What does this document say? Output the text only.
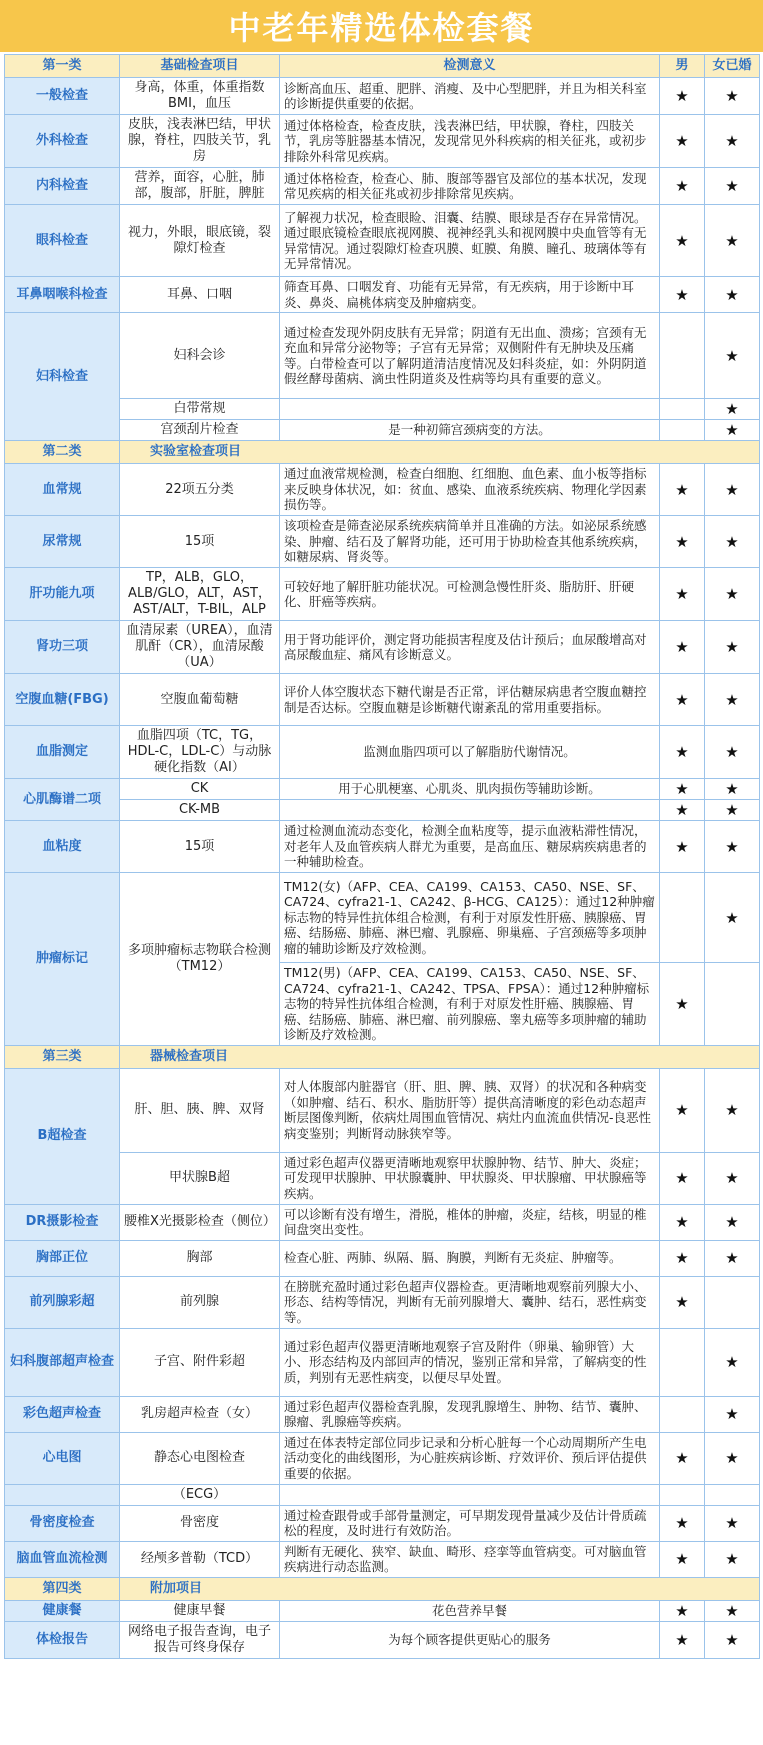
中老年精选体检套餐
第一类	基础检查项目	检测意义	男	女已婚
一般检查	身高，体重，体重指数BMI，血压	诊断高血压、超重、肥胖、消瘦、及中心型肥胖，并且为相关科室的诊断提供重要的依据。	★	★
外科检查	皮肤，浅表淋巴结，甲状腺，脊柱，四肢关节，乳房	通过体格检查，检查皮肤，浅表淋巴结，甲状腺，脊柱，四肢关节，乳房等脏器基本情况，发现常见外科疾病的相关征兆，或初步排除外科常见疾病。	★	★
内科检查	营养，面容，心脏，肺部，腹部，肝脏，脾脏	通过体格检查，检查心、肺、腹部等器官及部位的基本状况，发现常见疾病的相关征兆或初步排除常见疾病。	★	★
眼科检查	视力，外眼，眼底镜，裂隙灯检查	了解视力状况，检查眼睑、泪囊、结膜、眼球是否存在异常情况。通过眼底镜检查眼底视网膜、视神经乳头和视网膜中央血管等有无异常情况。通过裂隙灯检查巩膜、虹膜、角膜、瞳孔、玻璃体等有无异常情况。	★	★
耳鼻咽喉科检查	耳鼻、口咽	筛查耳鼻、口咽发育、功能有无异常，有无疾病，用于诊断中耳炎、鼻炎、扁桃体病变及肿瘤病变。	★	★
妇科检查	妇科会诊	通过检查发现外阴皮肤有无异常；阴道有无出血、溃疡；宫颈有无充血和异常分泌物等；子宫有无异常；双侧附件有无肿块及压痛等。白带检查可以了解阴道清洁度情况及妇科炎症，如：外阴阴道假丝酵母菌病、滴虫性阴道炎及性病等均具有重要的意义。		★
	白带常规			★
	宫颈刮片检查	是一种初筛宫颈病变的方法。		★
第二类	实验室检查项目			
血常规	22项五分类	通过血液常规检测，检查白细胞、红细胞、血色素、血小板等指标来反映身体状况，如：贫血、感染、血液系统疾病、物理化学因素损伤等。	★	★
尿常规	15项	该项检查是筛查泌尿系统疾病简单并且准确的方法。如泌尿系统感染、肿瘤、结石及了解肾功能，还可用于协助检查其他系统疾病，如糖尿病、肾炎等。	★	★
肝功能九项	TP，ALB，GLO，ALB/GLO，ALT，AST，AST/ALT，T-BIL，ALP	可较好地了解肝脏功能状况。可检测急慢性肝炎、脂肪肝、肝硬化、肝癌等疾病。	★	★
肾功三项	血清尿素（UREA），血清肌酐（CR），血清尿酸（UA）	用于肾功能评价，测定肾功能损害程度及估计预后；血尿酸增高对高尿酸血症、痛风有诊断意义。	★	★
空腹血糖(FBG)	空腹血葡萄糖	评价人体空腹状态下糖代谢是否正常，评估糖尿病患者空腹血糖控制是否达标。空腹血糖是诊断糖代谢紊乱的常用重要指标。	★	★
血脂测定	血脂四项（TC，TG，HDL-C，LDL-C）与动脉硬化指数（AI）	监测血脂四项可以了解脂肪代谢情况。	★	★
心肌酶谱二项	CK	用于心肌梗塞、心肌炎、肌肉损伤等辅助诊断。	★	★
	CK-MB		★	★
血粘度	15项	通过检测血流动态变化，检测全血粘度等，提示血液粘滞性情况，对老年人及血管疾病人群尤为重要，是高血压、糖尿病疾病患者的一种辅助检查。	★	★
肿瘤标记	多项肿瘤标志物联合检测（TM12）	TM12(女)（AFP、CEA、CA199、CA153、CA50、NSE、SF、CA724、cyfra21-1、CA242、β-HCG、CA125）：通过12种肿瘤标志物的特异性抗体组合检测，有利于对原发性肝癌、胰腺癌、胃癌、结肠癌、肺癌、淋巴瘤、乳腺癌、卵巢癌、子宫颈癌等多项肿瘤的辅助诊断及疗效检测。		★
		TM12(男)（AFP、CEA、CA199、CA153、CA50、NSE、SF、CA724、cyfra21-1、CA242、TPSA、FPSA）：通过12种肿瘤标志物的特异性抗体组合检测，有利于对原发性肝癌、胰腺癌、胃癌、结肠癌、肺癌、淋巴瘤、前列腺癌、睾丸癌等多项肿瘤的辅助诊断及疗效检测。	★	
第三类	器械检查项目			
B超检查	肝、胆、胰、脾、双肾	对人体腹部内脏器官（肝、胆、脾、胰、双肾）的状况和各种病变（如肿瘤、结石、积水、脂肪肝等）提供高清晰度的彩色动态超声断层图像判断，依病灶周围血管情况、病灶内血流血供情况-良恶性病变鉴别；判断肾动脉狭窄等。	★	★
	甲状腺B超	通过彩色超声仪器更清晰地观察甲状腺肿物、结节、肿大、炎症；可发现甲状腺肿、甲状腺囊肿、甲状腺炎、甲状腺瘤、甲状腺癌等疾病。	★	★
DR摄影检查	腰椎X光摄影检查（侧位）	可以诊断有没有增生，滑脱，椎体的肿瘤，炎症，结核，明显的椎间盘突出变性。	★	★
胸部正位	胸部	检查心脏、两肺、纵隔、膈、胸膜，判断有无炎症、肿瘤等。	★	★
前列腺彩超	前列腺	在膀胱充盈时通过彩色超声仪器检查。更清晰地观察前列腺大小、形态、结构等情况，判断有无前列腺增大、囊肿、结石，恶性病变等。	★	
妇科腹部超声检查	子宫、附件彩超	通过彩色超声仪器更清晰地观察子宫及附件（卵巢、输卵管）大小、形态结构及内部回声的情况，鉴别正常和异常，了解病变的性质，判别有无恶性病变，以便尽早处置。		★
彩色超声检查	乳房超声检查（女）	通过彩色超声仪器检查乳腺，发现乳腺增生、肿物、结节、囊肿、腺瘤、乳腺癌等疾病。		★
心电图	静态心电图检查	通过在体表特定部位同步记录和分析心脏每一个心动周期所产生电活动变化的曲线图形，为心脏疾病诊断、疗效评价、预后评估提供重要的依据。	★	★
	（ECG）			
骨密度检查	骨密度	通过检查跟骨或手部骨量测定，可早期发现骨量减少及估计骨质疏松的程度，及时进行有效防治。	★	★
脑血管血流检测	经颅多普勒（TCD）	判断有无硬化、狭窄、缺血、畸形、痉挛等血管病变。可对脑血管疾病进行动态监测。	★	★
第四类	附加项目			
健康餐	健康早餐	花色营养早餐	★	★
体检报告	网络电子报告查询，电子报告可终身保存	为每个顾客提供更贴心的服务	★	★
